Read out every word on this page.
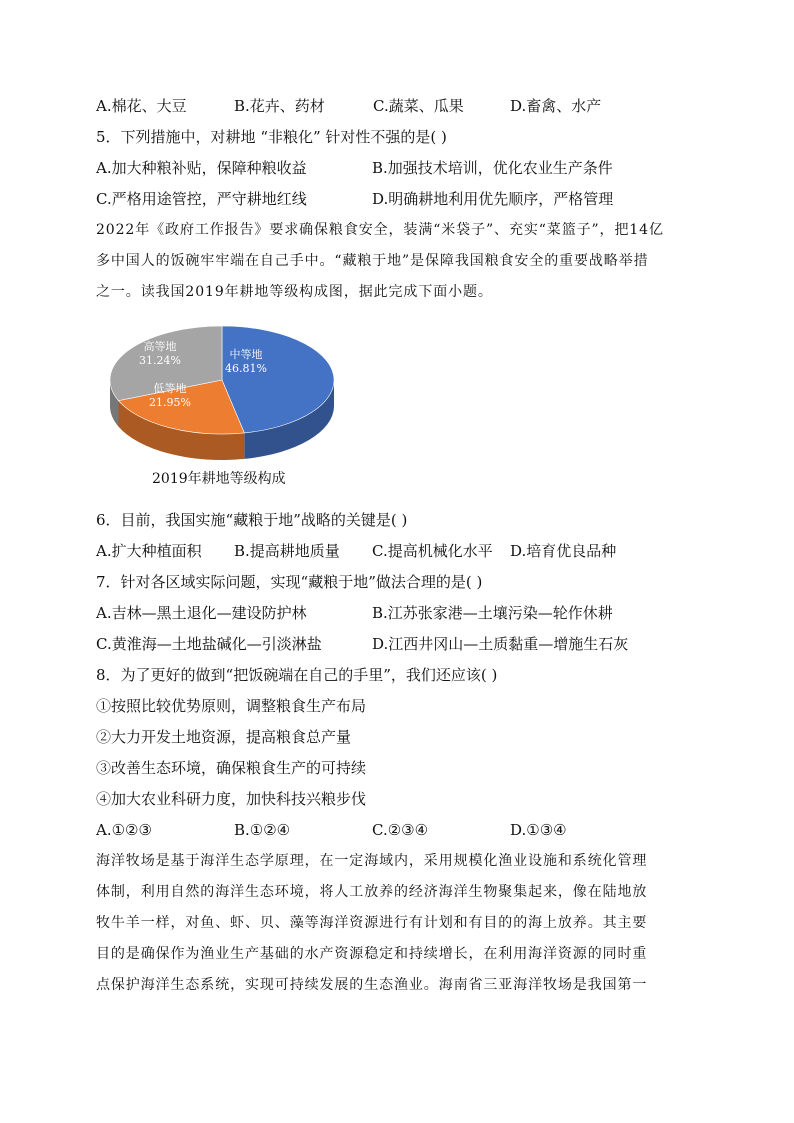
A.棉花、大豆	B.花卉、药材	C.蔬菜、瓜果	D.畜禽、水产
5．下列措施中，对耕地 “非粮化” 针对性不强的是( )
A.加大种粮补贴，保障种粮收益	B.加强技术培训，优化农业生产条件
C.严格用途管控，严守耕地红线	D.明确耕地利用优先顺序，严格管理

2022年《政府工作报告》要求确保粮食安全，装满“米袋子”、充实“菜篮子”，把14亿

多中国人的饭碗牢牢端在自己手中。“藏粮于地”是保障我国粮食安全的重要战略举措

之一。读我国2019年耕地等级构成图，据此完成下面小题。

中等地
46.81%
低等地
21.95%
高等地
31.24%
2019年耕地等级构成
6．目前，我国实施“藏粮于地”战略的关键是( )
A.扩大种植面积 B.提高耕地质量 C.提高机械化水平 D.培育优良品种
7．针对各区域实际问题，实现“藏粮于地”做法合理的是( )
A.吉林—黑土退化—建设防护林	B.江苏张家港—土壤污染—轮作休耕
C.黄淮海—土地盐碱化—引淡淋盐	D.江西井冈山—土质黏重—增施生石灰
8．为了更好的做到“把饭碗端在自己的手里”，我们还应该( )
①按照比较优势原则，调整粮食生产布局
②大力开发土地资源，提高粮食总产量
③改善生态环境，确保粮食生产的可持续
④加大农业科研力度，加快科技兴粮步伐
A.①②③	B.①②④	C.②③④	D.①③④

海洋牧场是基于海洋生态学原理，在一定海域内，采用规模化渔业设施和系统化管理

体制，利用自然的海洋生态环境，将人工放养的经济海洋生物聚集起来，像在陆地放

牧牛羊一样，对鱼、虾、贝、藻等海洋资源进行有计划和有目的的海上放养。其主要

目的是确保作为渔业生产基础的水产资源稳定和持续增长，在利用海洋资源的同时重

点保护海洋生态系统，实现可持续发展的生态渔业。海南省三亚海洋牧场是我国第一
